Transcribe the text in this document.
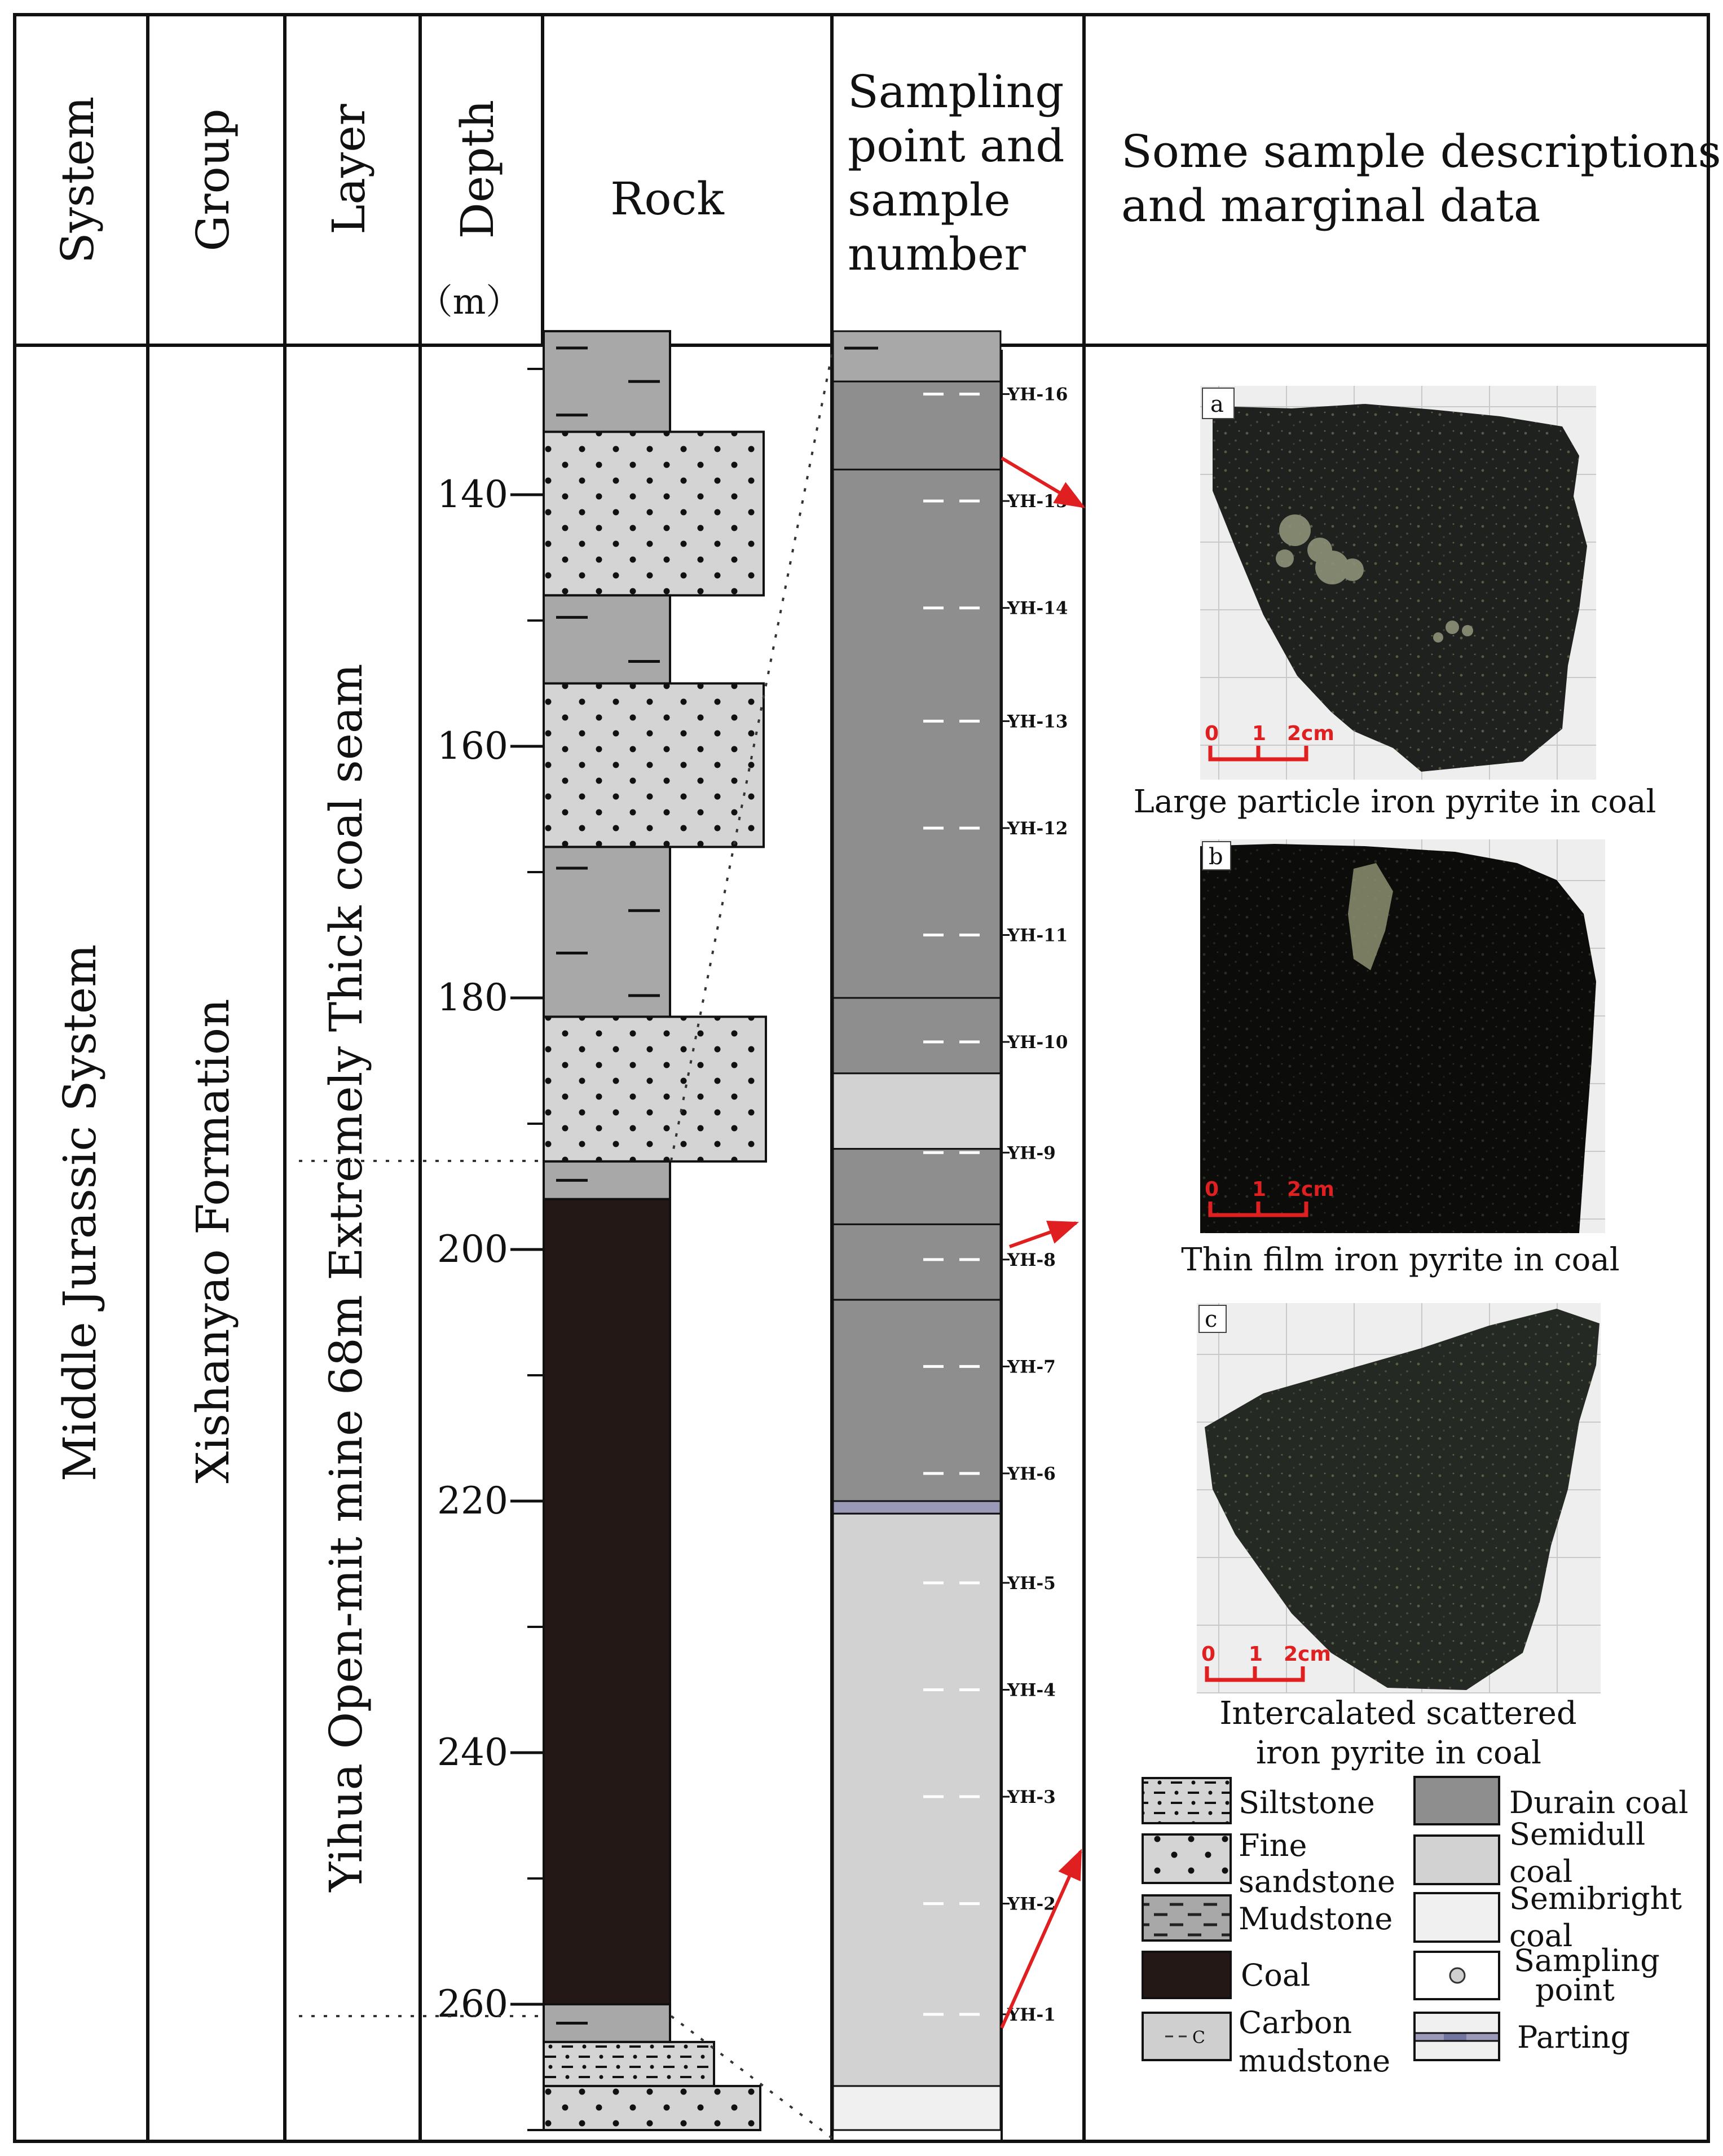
System Group Layer Depth
（m）
Rock
Sampling point and sample number
Some sample descriptions and marginal data
Middle Jurassic System Xishanyao Formation Yihua Open-mit mine 68m Extremely Thick coal seam
140
160
180
200
220
240
260
YH-16
YH-15
YH-14
YH-13
YH-12
YH-11
YH-10
YH-9
YH-8
YH-7
YH-6
YH-5
YH-4
YH-3
YH-2
YH-1
a
b
c
0 1 2cm
0 1 2cm
0 1 2cm
Large particle iron pyrite in coal
Thin film iron pyrite in coal
Intercalated scattered iron pyrite in coal
Siltstone
Fine sandstone
Mudstone
Coal
C Carbon mudstone
Durain coal
Semidull coal
Semibright coal
Sampling point
Parting
